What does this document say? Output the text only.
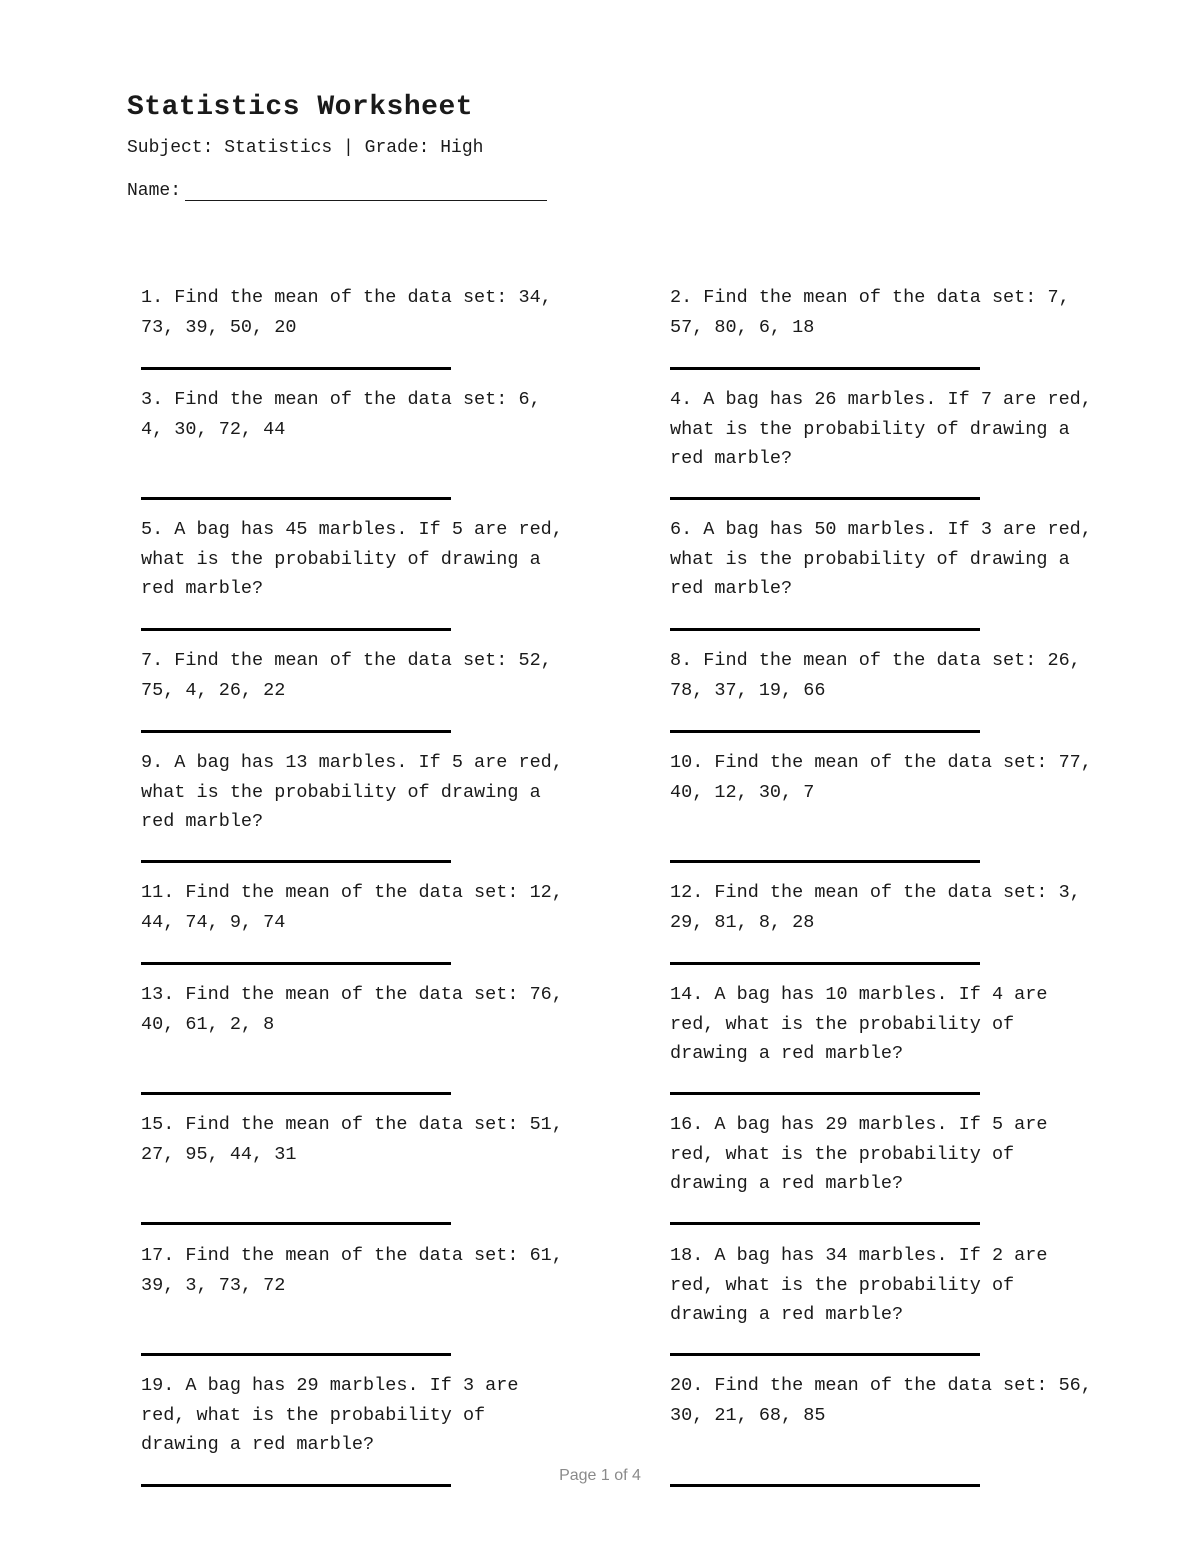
Statistics Worksheet
Subject: Statistics | Grade: High
Name:
1. Find the mean of the data set: 34, 73, 39, 50, 20
3. Find the mean of the data set: 6, 4, 30, 72, 44
5. A bag has 45 marbles. If 5 are red, what is the probability of drawing a red marble?
7. Find the mean of the data set: 52, 75, 4, 26, 22
9. A bag has 13 marbles. If 5 are red, what is the probability of drawing a red marble?
11. Find the mean of the data set: 12, 44, 74, 9, 74
13. Find the mean of the data set: 76, 40, 61, 2, 8
15. Find the mean of the data set: 51, 27, 95, 44, 31
17. Find the mean of the data set: 61, 39, 3, 73, 72
19. A bag has 29 marbles. If 3 are red, what is the probability of drawing a red marble?
2. Find the mean of the data set: 7, 57, 80, 6, 18
4. A bag has 26 marbles. If 7 are red, what is the probability of drawing a red marble?
6. A bag has 50 marbles. If 3 are red, what is the probability of drawing a red marble?
8. Find the mean of the data set: 26, 78, 37, 19, 66
10. Find the mean of the data set: 77, 40, 12, 30, 7
12. Find the mean of the data set: 3, 29, 81, 8, 28
14. A bag has 10 marbles. If 4 are red, what is the probability of drawing a red marble?
16. A bag has 29 marbles. If 5 are red, what is the probability of drawing a red marble?
18. A bag has 34 marbles. If 2 are red, what is the probability of drawing a red marble?
20. Find the mean of the data set: 56, 30, 21, 68, 85
Page 1 of 4
